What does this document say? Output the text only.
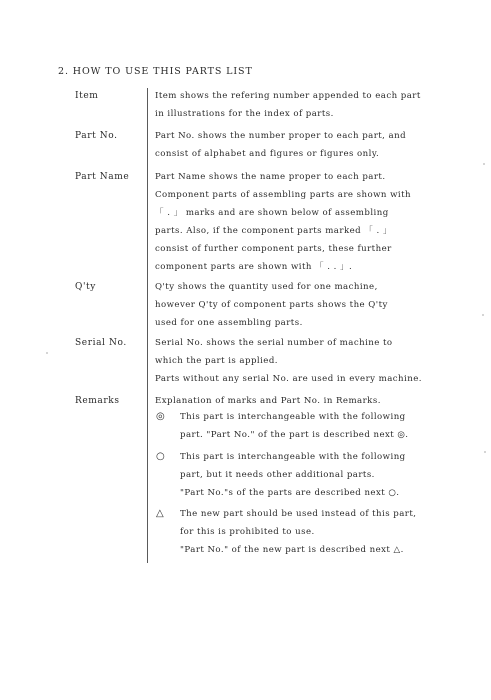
2. HOW TO USE THIS PARTS LIST
Item	Item shows the refering number appended to each part
in illustrations for the index of parts.
Part No.	Part No. shows the number proper to each part, and
consist of alphabet and figures or figures only.
Part Name	Part Name shows the name proper to each part.
Component parts of assembling parts are shown with
「 . 」 marks and are shown below of assembling
parts. Also, if the component parts marked 「 . 」
consist of further component parts, these further
component parts are shown with 「 . . 」.
Q'ty	Q'ty shows the quantity used for one machine,
however Q'ty of component parts shows the Q'ty
used for one assembling parts.
Serial No.	Serial No. shows the serial number of machine to
which the part is applied.
Parts without any serial No. are used in every machine.
Remarks	Explanation of marks and Part No. in Remarks.
◎ This part is interchangeable with the following
part. "Part No." of the part is described next ◎.
○ This part is interchangeable with the following
part, but it needs other additional parts.
"Part No."s of the parts are described next ○.
△ The new part should be used instead of this part,
for this is prohibited to use.
"Part No." of the new part is described next △.
